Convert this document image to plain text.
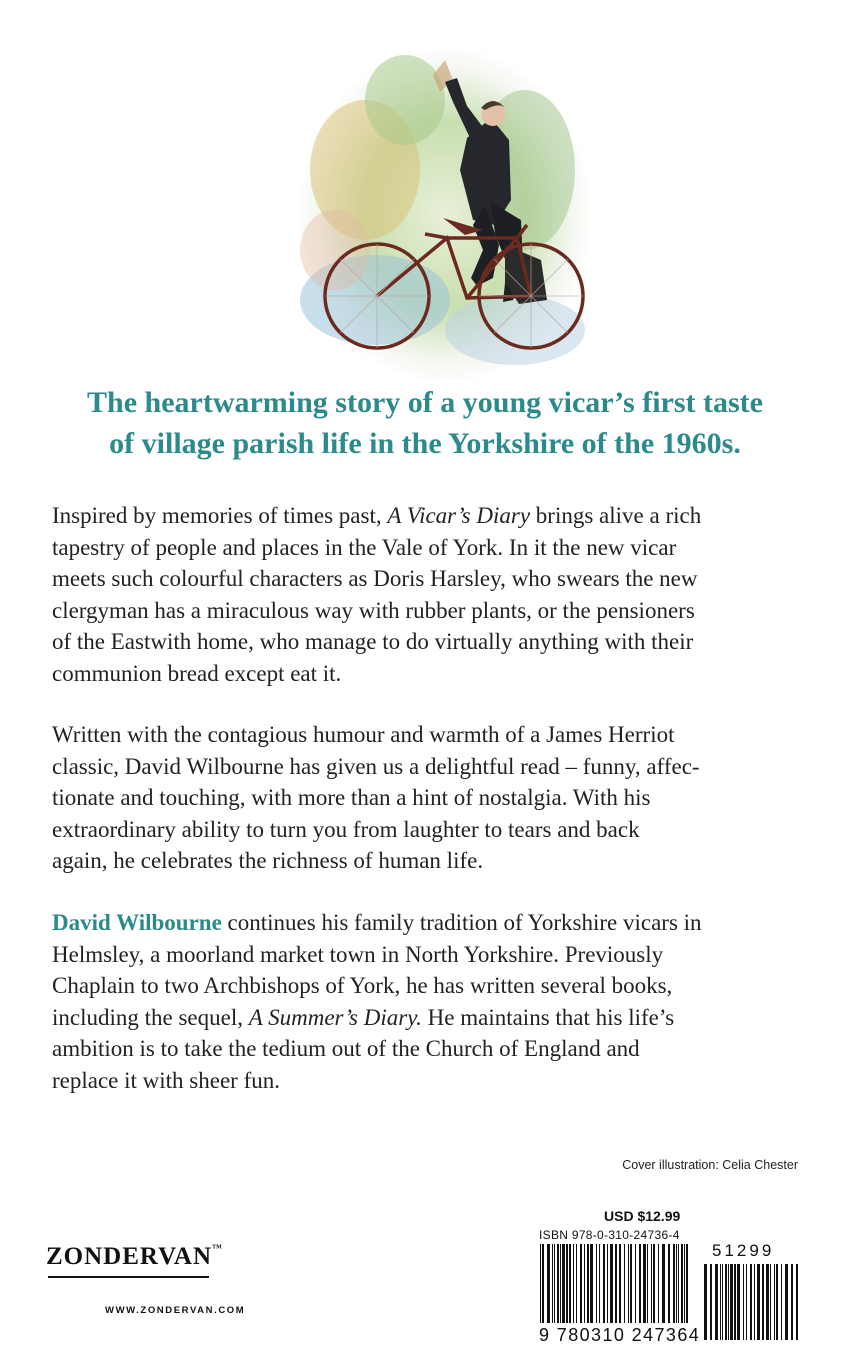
The heartwarming story of a young vicar’s first taste
of village parish life in the Yorkshire of the 1960s.
Inspired by memories of times past, A Vicar’s Diary brings alive a rich
tapestry of people and places in the Vale of York. In it the new vicar
meets such colourful characters as Doris Harsley, who swears the new
clergyman has a miraculous way with rubber plants, or the pensioners
of the Eastwith home, who manage to do virtually anything with their
communion bread except eat it.
Written with the contagious humour and warmth of a James Herriot
classic, David Wilbourne has given us a delightful read – funny, affec-
tionate and touching, with more than a hint of nostalgia. With his
extraordinary ability to turn you from laughter to tears and back
again, he celebrates the richness of human life.
David Wilbourne continues his family tradition of Yorkshire vicars in
Helmsley, a moorland market town in North Yorkshire. Previously
Chaplain to two Archbishops of York, he has written several books,
including the sequel, A Summer’s Diary. He maintains that his life’s
ambition is to take the tedium out of the Church of England and
replace it with sheer fun.
Cover illustration: Celia Chester
ZONDERVAN™
WWW.ZONDERVAN.COM
USD $12.99
ISBN 978-0-310-24736-4
51299
9 780310 247364
